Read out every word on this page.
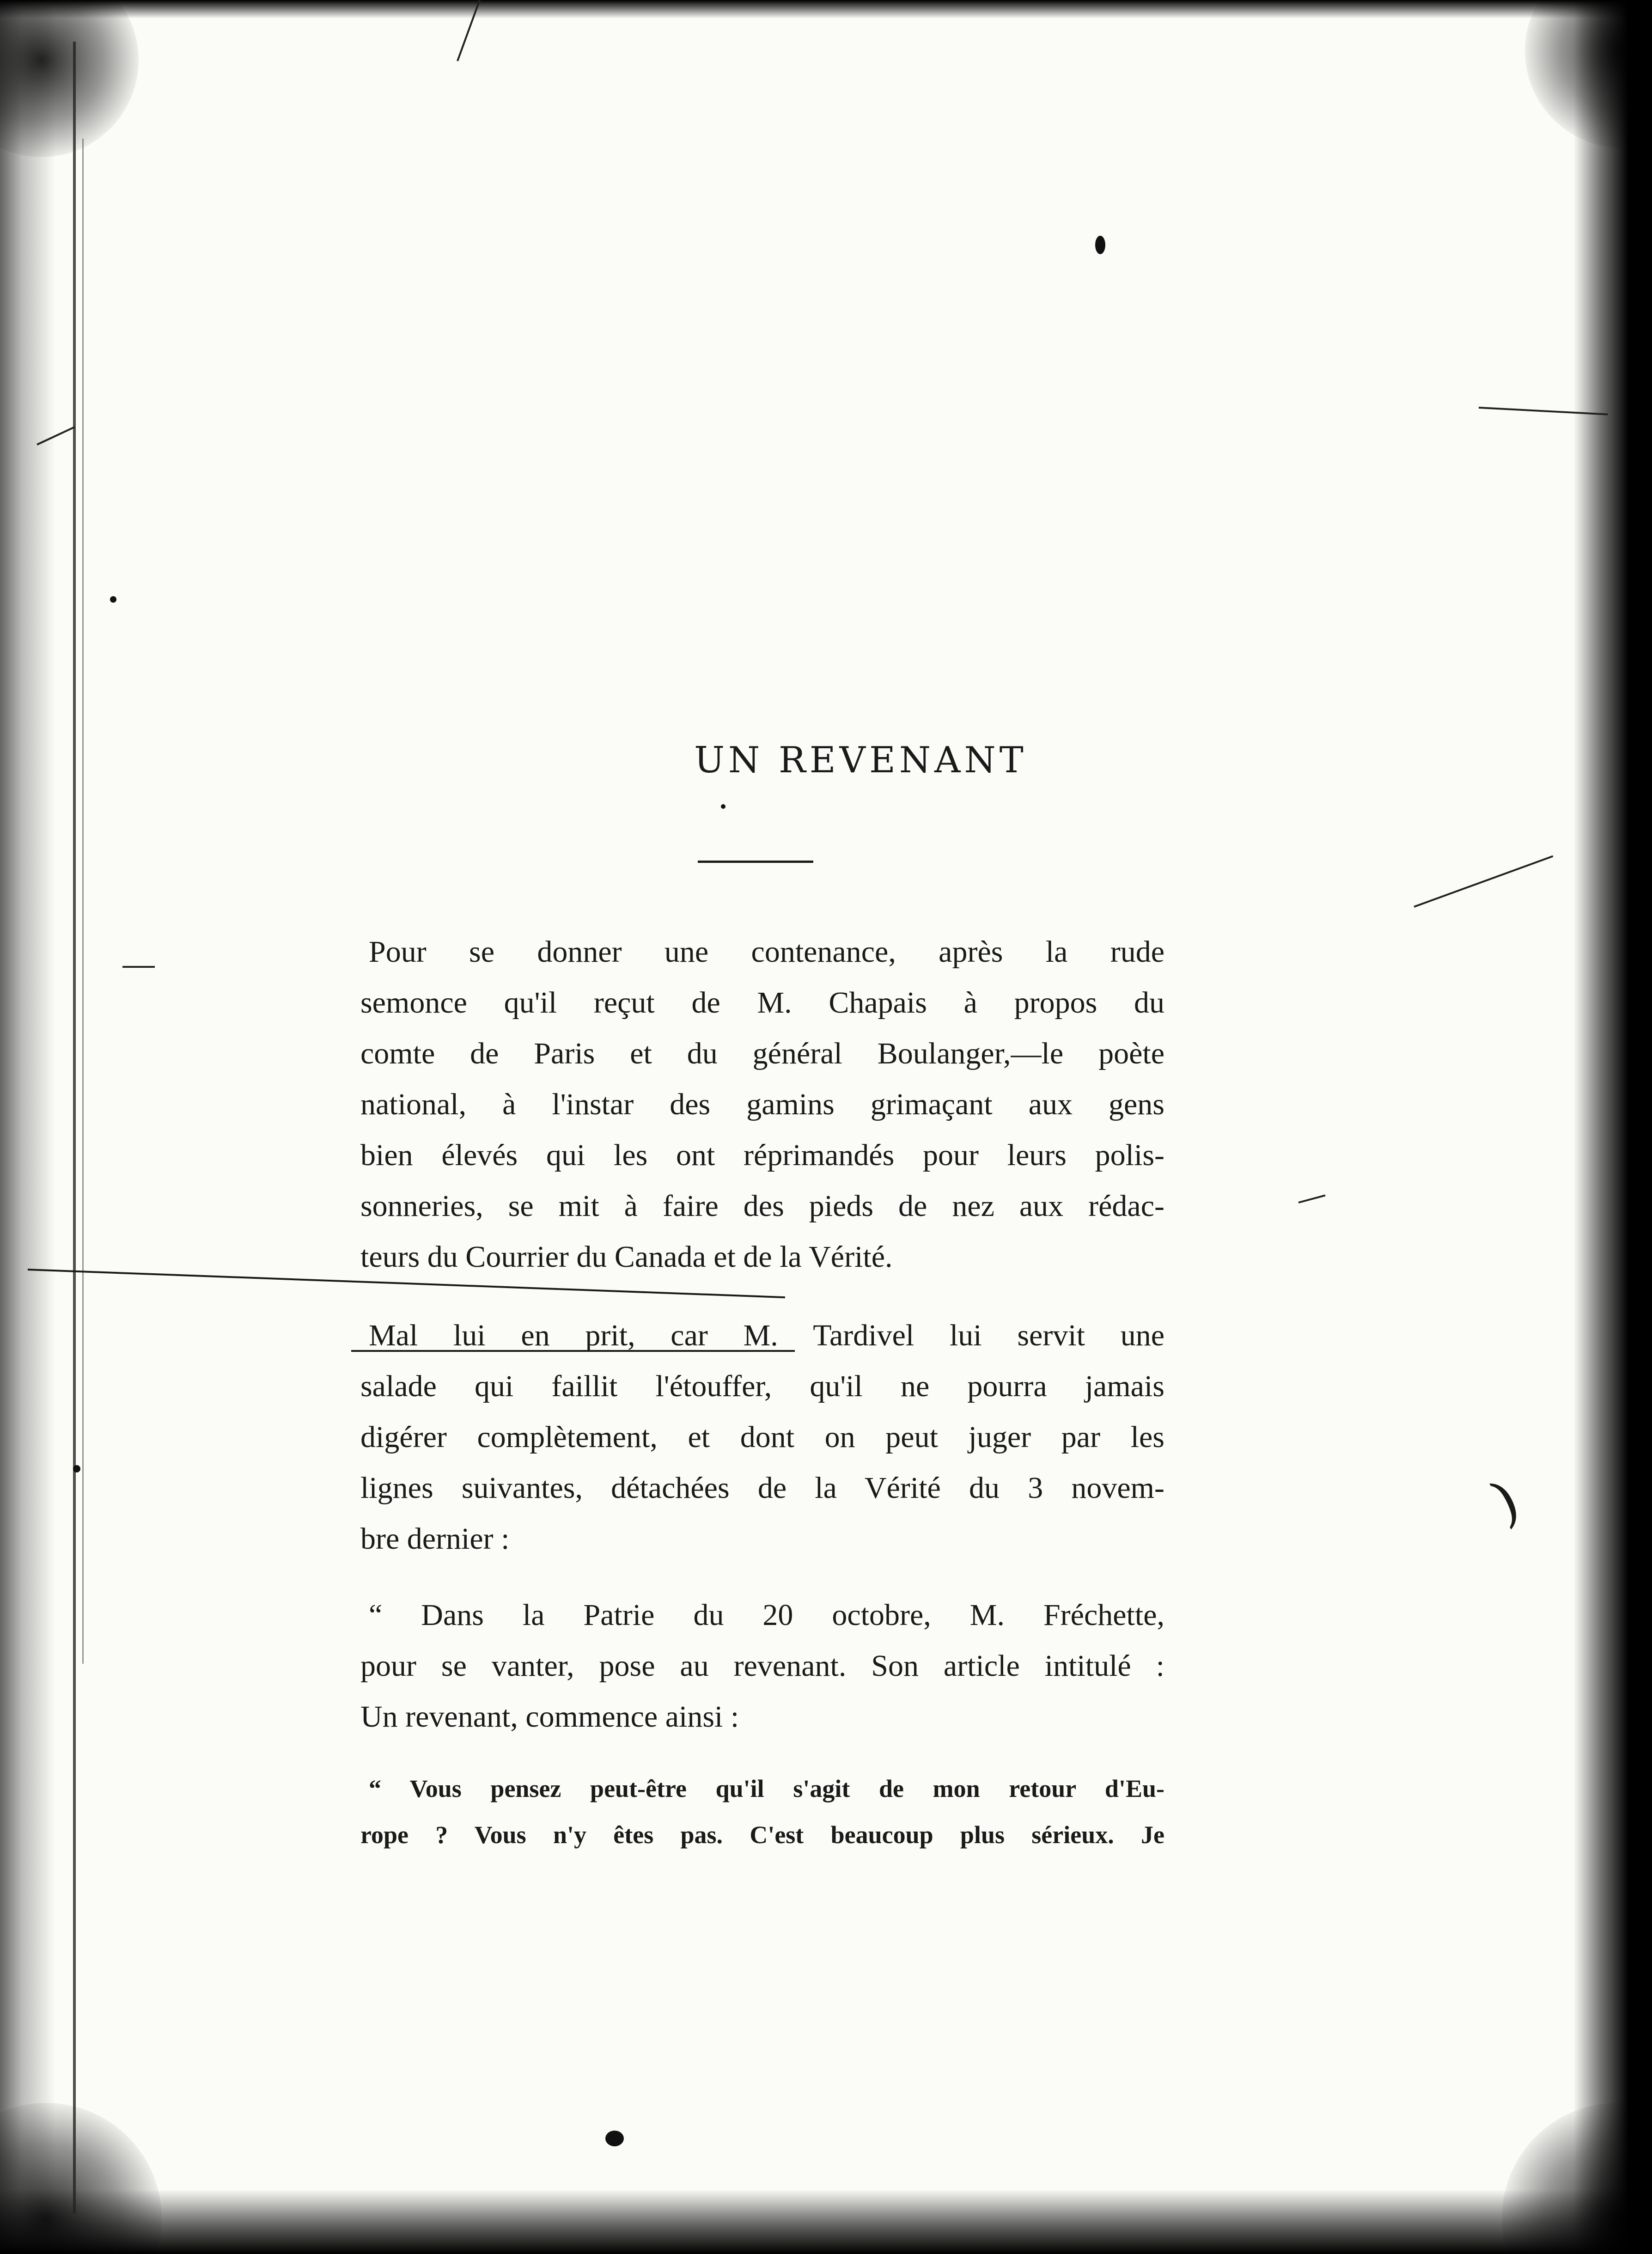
)
UN REVENANT

Pour se donner une contenance, après la rude
semonce qu'il reçut de M. Chapais à propos du
comte de Paris et du général Boulanger,—le poète
national, à l'instar des gamins grimaçant aux gens
bien élevés qui les ont réprimandés pour leurs polis-
sonneries, se mit à faire des pieds de nez aux rédac-
teurs du Courrier du Canada et de la Vérité.

Mal lui en prit, car M. Tardivel lui servit une
salade qui faillit l'étouffer, qu'il ne pourra jamais
digérer complètement, et dont on peut juger par les
lignes suivantes, détachées de la Vérité du 3 novem-
bre dernier :

“ Dans la Patrie du 20 octobre, M. Fréchette,
pour se vanter, pose au revenant. Son article intitulé :
Un revenant, commence ainsi :

“ Vous pensez peut-être qu'il s'agit de mon retour d'Eu-
rope ? Vous n'y êtes pas. C'est beaucoup plus sérieux. Je
